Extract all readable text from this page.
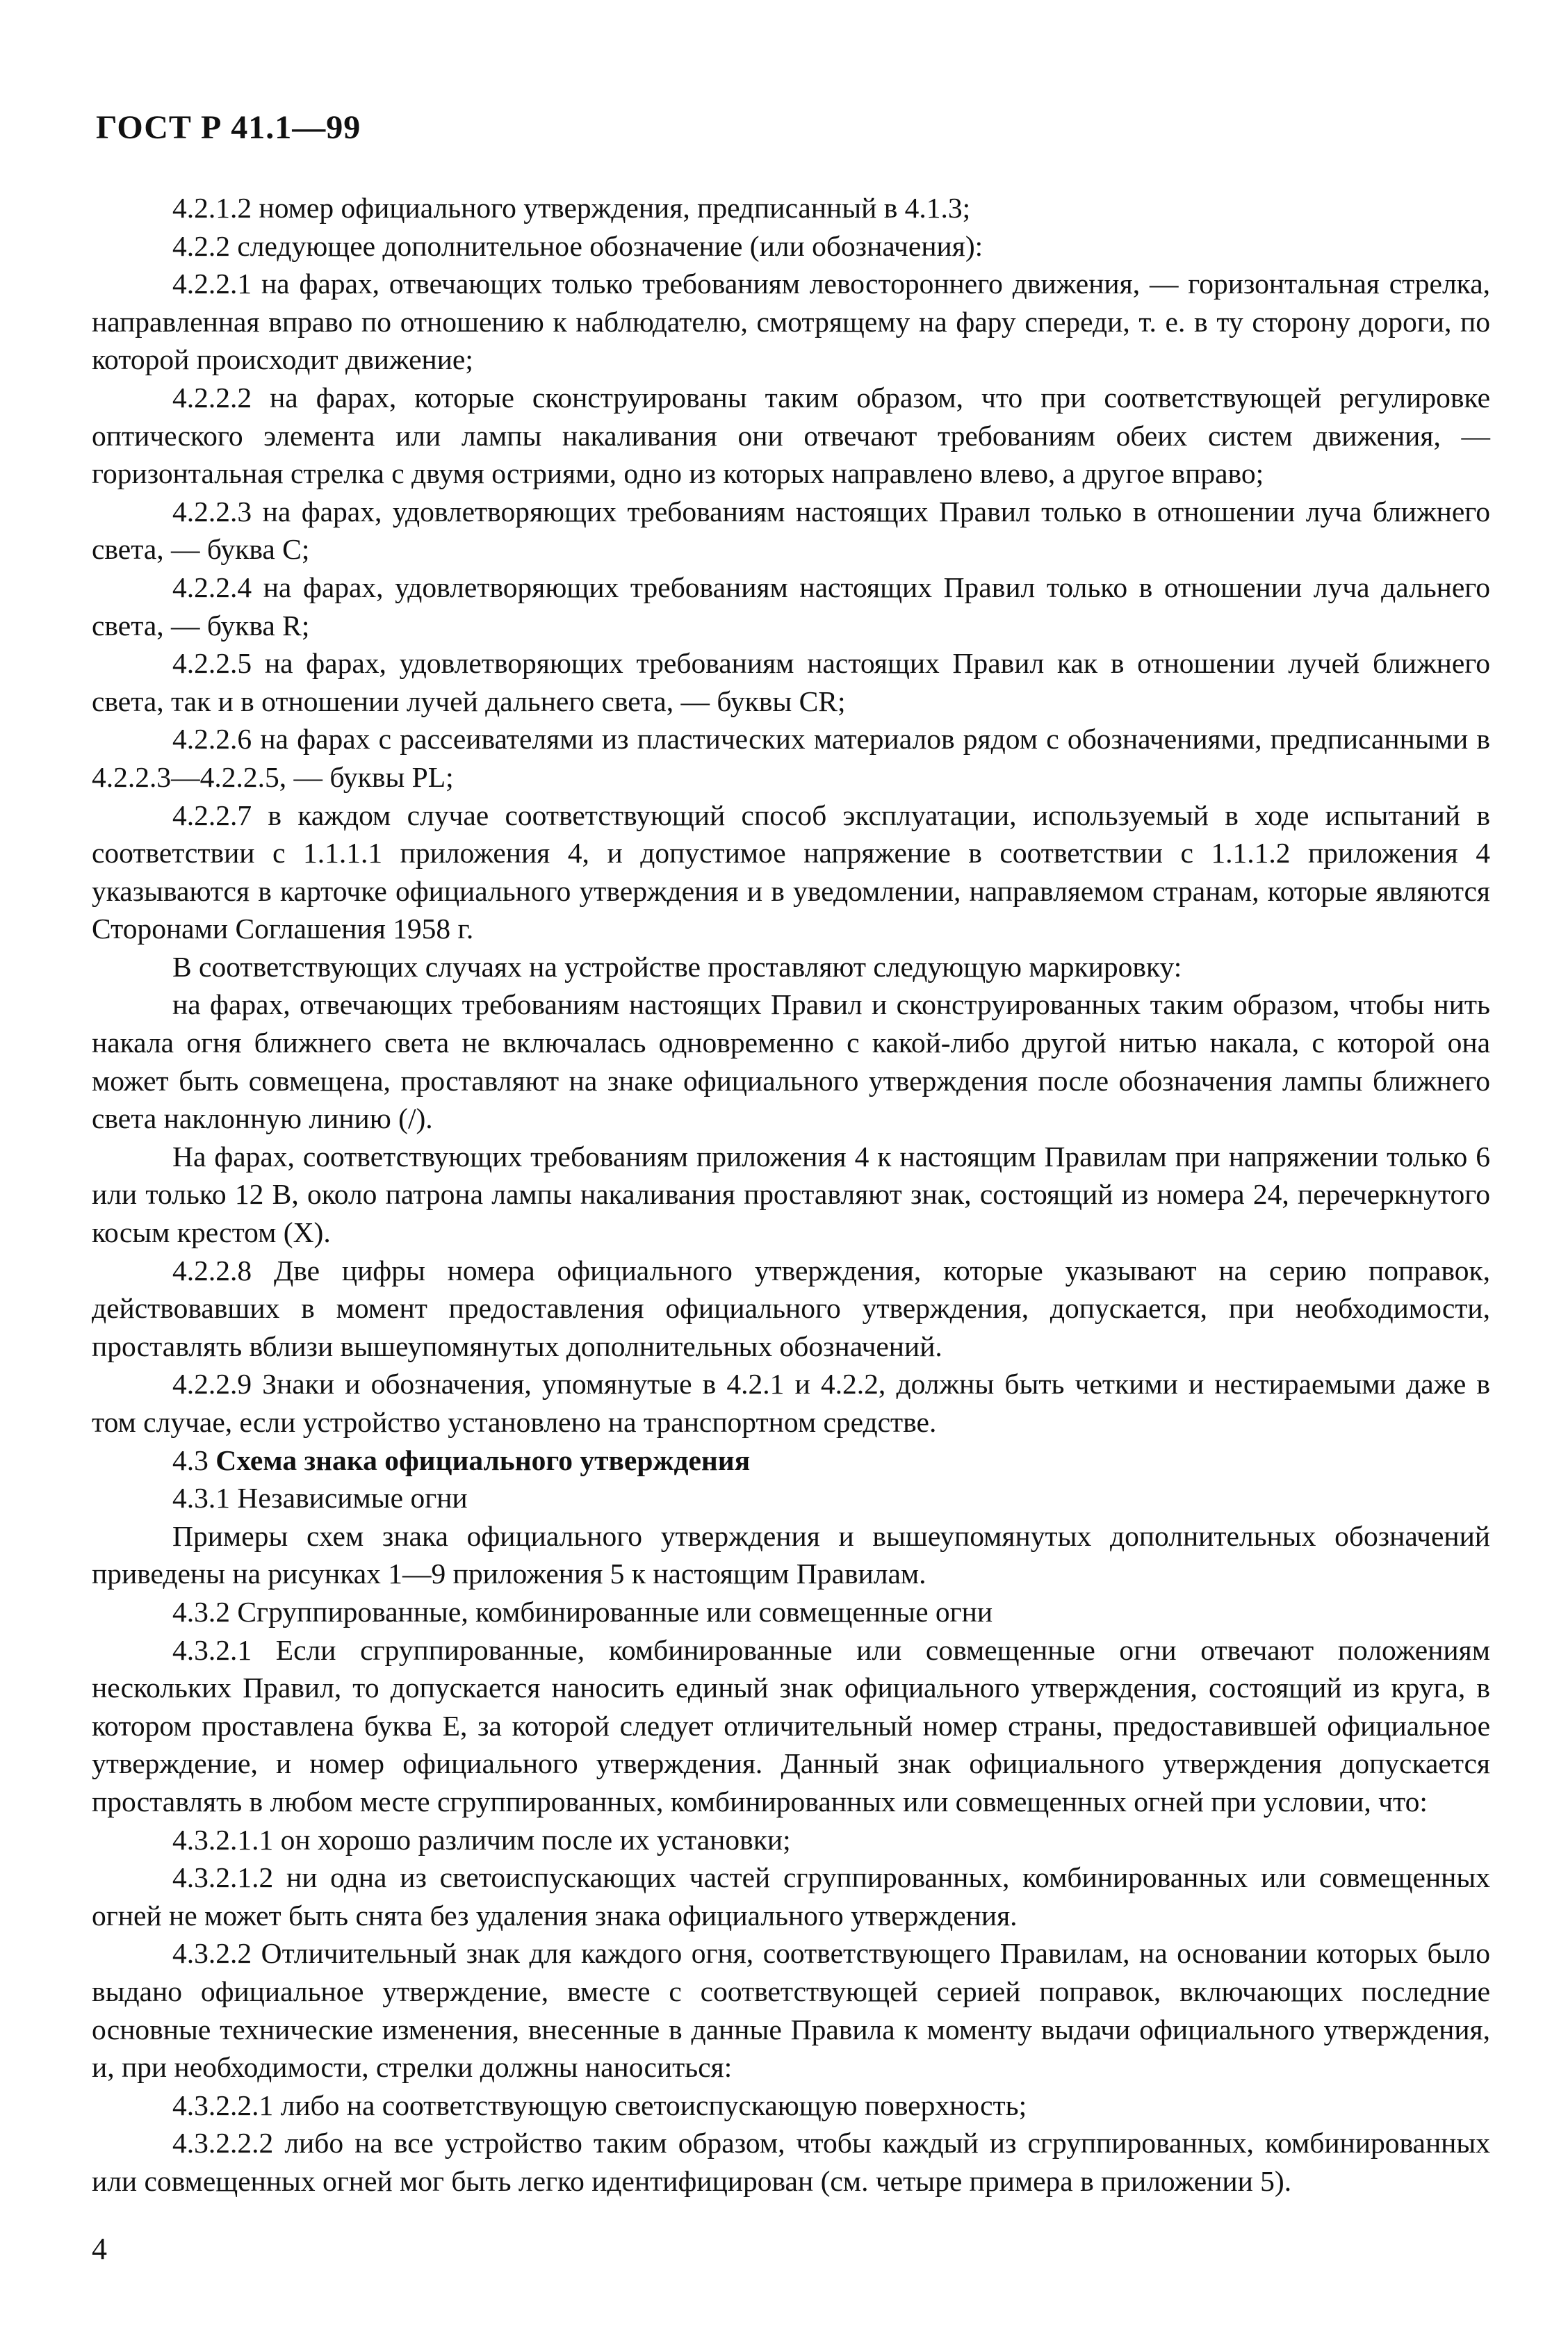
ГОСТ Р 41.1—99

4.2.1.2 номер официального утверждения, предписанный в 4.1.3;

4.2.2 следующее дополнительное обозначение (или обозначения):

4.2.2.1 на фарах, отвечающих только требованиям левостороннего движения, — горизонтальная стрелка, направленная вправо по отношению к наблюдателю, смотрящему на фару спереди, т. е. в ту сторону дороги, по которой происходит движение;

4.2.2.2 на фарах, которые сконструированы таким образом, что при соответствующей регулировке оптического элемента или лампы накаливания они отвечают требованиям обеих систем движения, — горизонтальная стрелка с двумя остриями, одно из которых направлено влево, а другое вправо;

4.2.2.3 на фарах, удовлетворяющих требованиям настоящих Правил только в отношении луча ближнего света, — буква C;

4.2.2.4 на фарах, удовлетворяющих требованиям настоящих Правил только в отношении луча дальнего света, — буква R;

4.2.2.5 на фарах, удовлетворяющих требованиям настоящих Правил как в отношении лучей ближнего света, так и в отношении лучей дальнего света, — буквы CR;

4.2.2.6 на фарах с рассеивателями из пластических материалов рядом с обозначениями, предписанными в 4.2.2.3—4.2.2.5, — буквы PL;

4.2.2.7 в каждом случае соответствующий способ эксплуатации, используемый в ходе испытаний в соответствии с 1.1.1.1 приложения 4, и допустимое напряжение в соответствии с 1.1.1.2 приложения 4 указываются в карточке официального утверждения и в уведомлении, направляемом странам, которые являются Сторонами Соглашения 1958 г.

В соответствующих случаях на устройстве проставляют следующую маркировку:

на фарах, отвечающих требованиям настоящих Правил и сконструированных таким образом, чтобы нить накала огня ближнего света не включалась одновременно с какой-либо другой нитью накала, с которой она может быть совмещена, проставляют на знаке официального утверждения после обозначения лампы ближнего света наклонную линию (/).

На фарах, соответствующих требованиям приложения 4 к настоящим Правилам при напряжении только 6 или только 12 В, около патрона лампы накаливания проставляют знак, состоящий из номера 24, перечеркнутого косым крестом (X).

4.2.2.8 Две цифры номера официального утверждения, которые указывают на серию поправок, действовавших в момент предоставления официального утверждения, допускается, при необходимости, проставлять вблизи вышеупомянутых дополнительных обозначений.

4.2.2.9 Знаки и обозначения, упомянутые в 4.2.1 и 4.2.2, должны быть четкими и нестираемыми даже в том случае, если устройство установлено на транспортном средстве.

4.3 Схема знака официального утверждения

4.3.1 Независимые огни

Примеры схем знака официального утверждения и вышеупомянутых дополнительных обозначений приведены на рисунках 1—9 приложения 5 к настоящим Правилам.

4.3.2 Сгруппированные, комбинированные или совмещенные огни

4.3.2.1 Если сгруппированные, комбинированные или совмещенные огни отвечают положениям нескольких Правил, то допускается наносить единый знак официального утверждения, состоящий из круга, в котором проставлена буква E, за которой следует отличительный номер страны, предоставившей официальное утверждение, и номер официального утверждения. Данный знак официального утверждения допускается проставлять в любом месте сгруппированных, комбинированных или совмещенных огней при условии, что:

4.3.2.1.1 он хорошо различим после их установки;

4.3.2.1.2 ни одна из светоиспускающих частей сгруппированных, комбинированных или совмещенных огней не может быть снята без удаления знака официального утверждения.

4.3.2.2 Отличительный знак для каждого огня, соответствующего Правилам, на основании которых было выдано официальное утверждение, вместе с соответствующей серией поправок, включающих последние основные технические изменения, внесенные в данные Правила к моменту выдачи официального утверждения, и, при необходимости, стрелки должны наноситься:

4.3.2.2.1 либо на соответствующую светоиспускающую поверхность;

4.3.2.2.2 либо на все устройство таким образом, чтобы каждый из сгруппированных, комбинированных или совмещенных огней мог быть легко идентифицирован (см. четыре примера в приложении 5).

4
